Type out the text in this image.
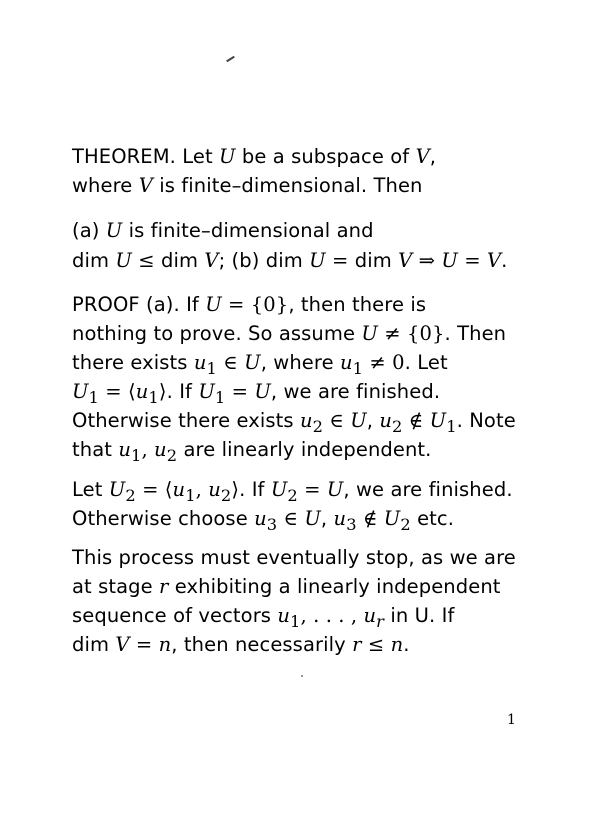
THEOREM. Let U be a subspace of V,
where V is finite–dimensional. Then
(a) U is finite–dimensional and
dim U ≤ dim V; (b) dim U = dim V ⇒ U = V.
PROOF (a). If U = {0}, then there is
nothing to prove. So assume U ≠ {0}. Then
there exists $u_1$ ∈ U, where $u_1 \ne 0$. Let
$U_1$ = $⟨u_1⟩$. If $U_1 = U$, we are finished.
Otherwise there exists $u_2$ ∈ U, $u_2$ ∉ $U_1$. Note
that $u_1$, $u_2$ are linearly independent.
Let $U_2$ = $⟨u_1$, $u_2⟩$. If $U_2 = U$, we are finished.
Otherwise choose $u_3$ ∈ U, $u_3$ ∉ $U_2$ etc.
This process must eventually stop, as we are
at stage r exhibiting a linearly independent
sequence of vectors $u_1$, . . . , $u_r$ in U. If
dim V = n, then necessarily r ≤ n.
1
